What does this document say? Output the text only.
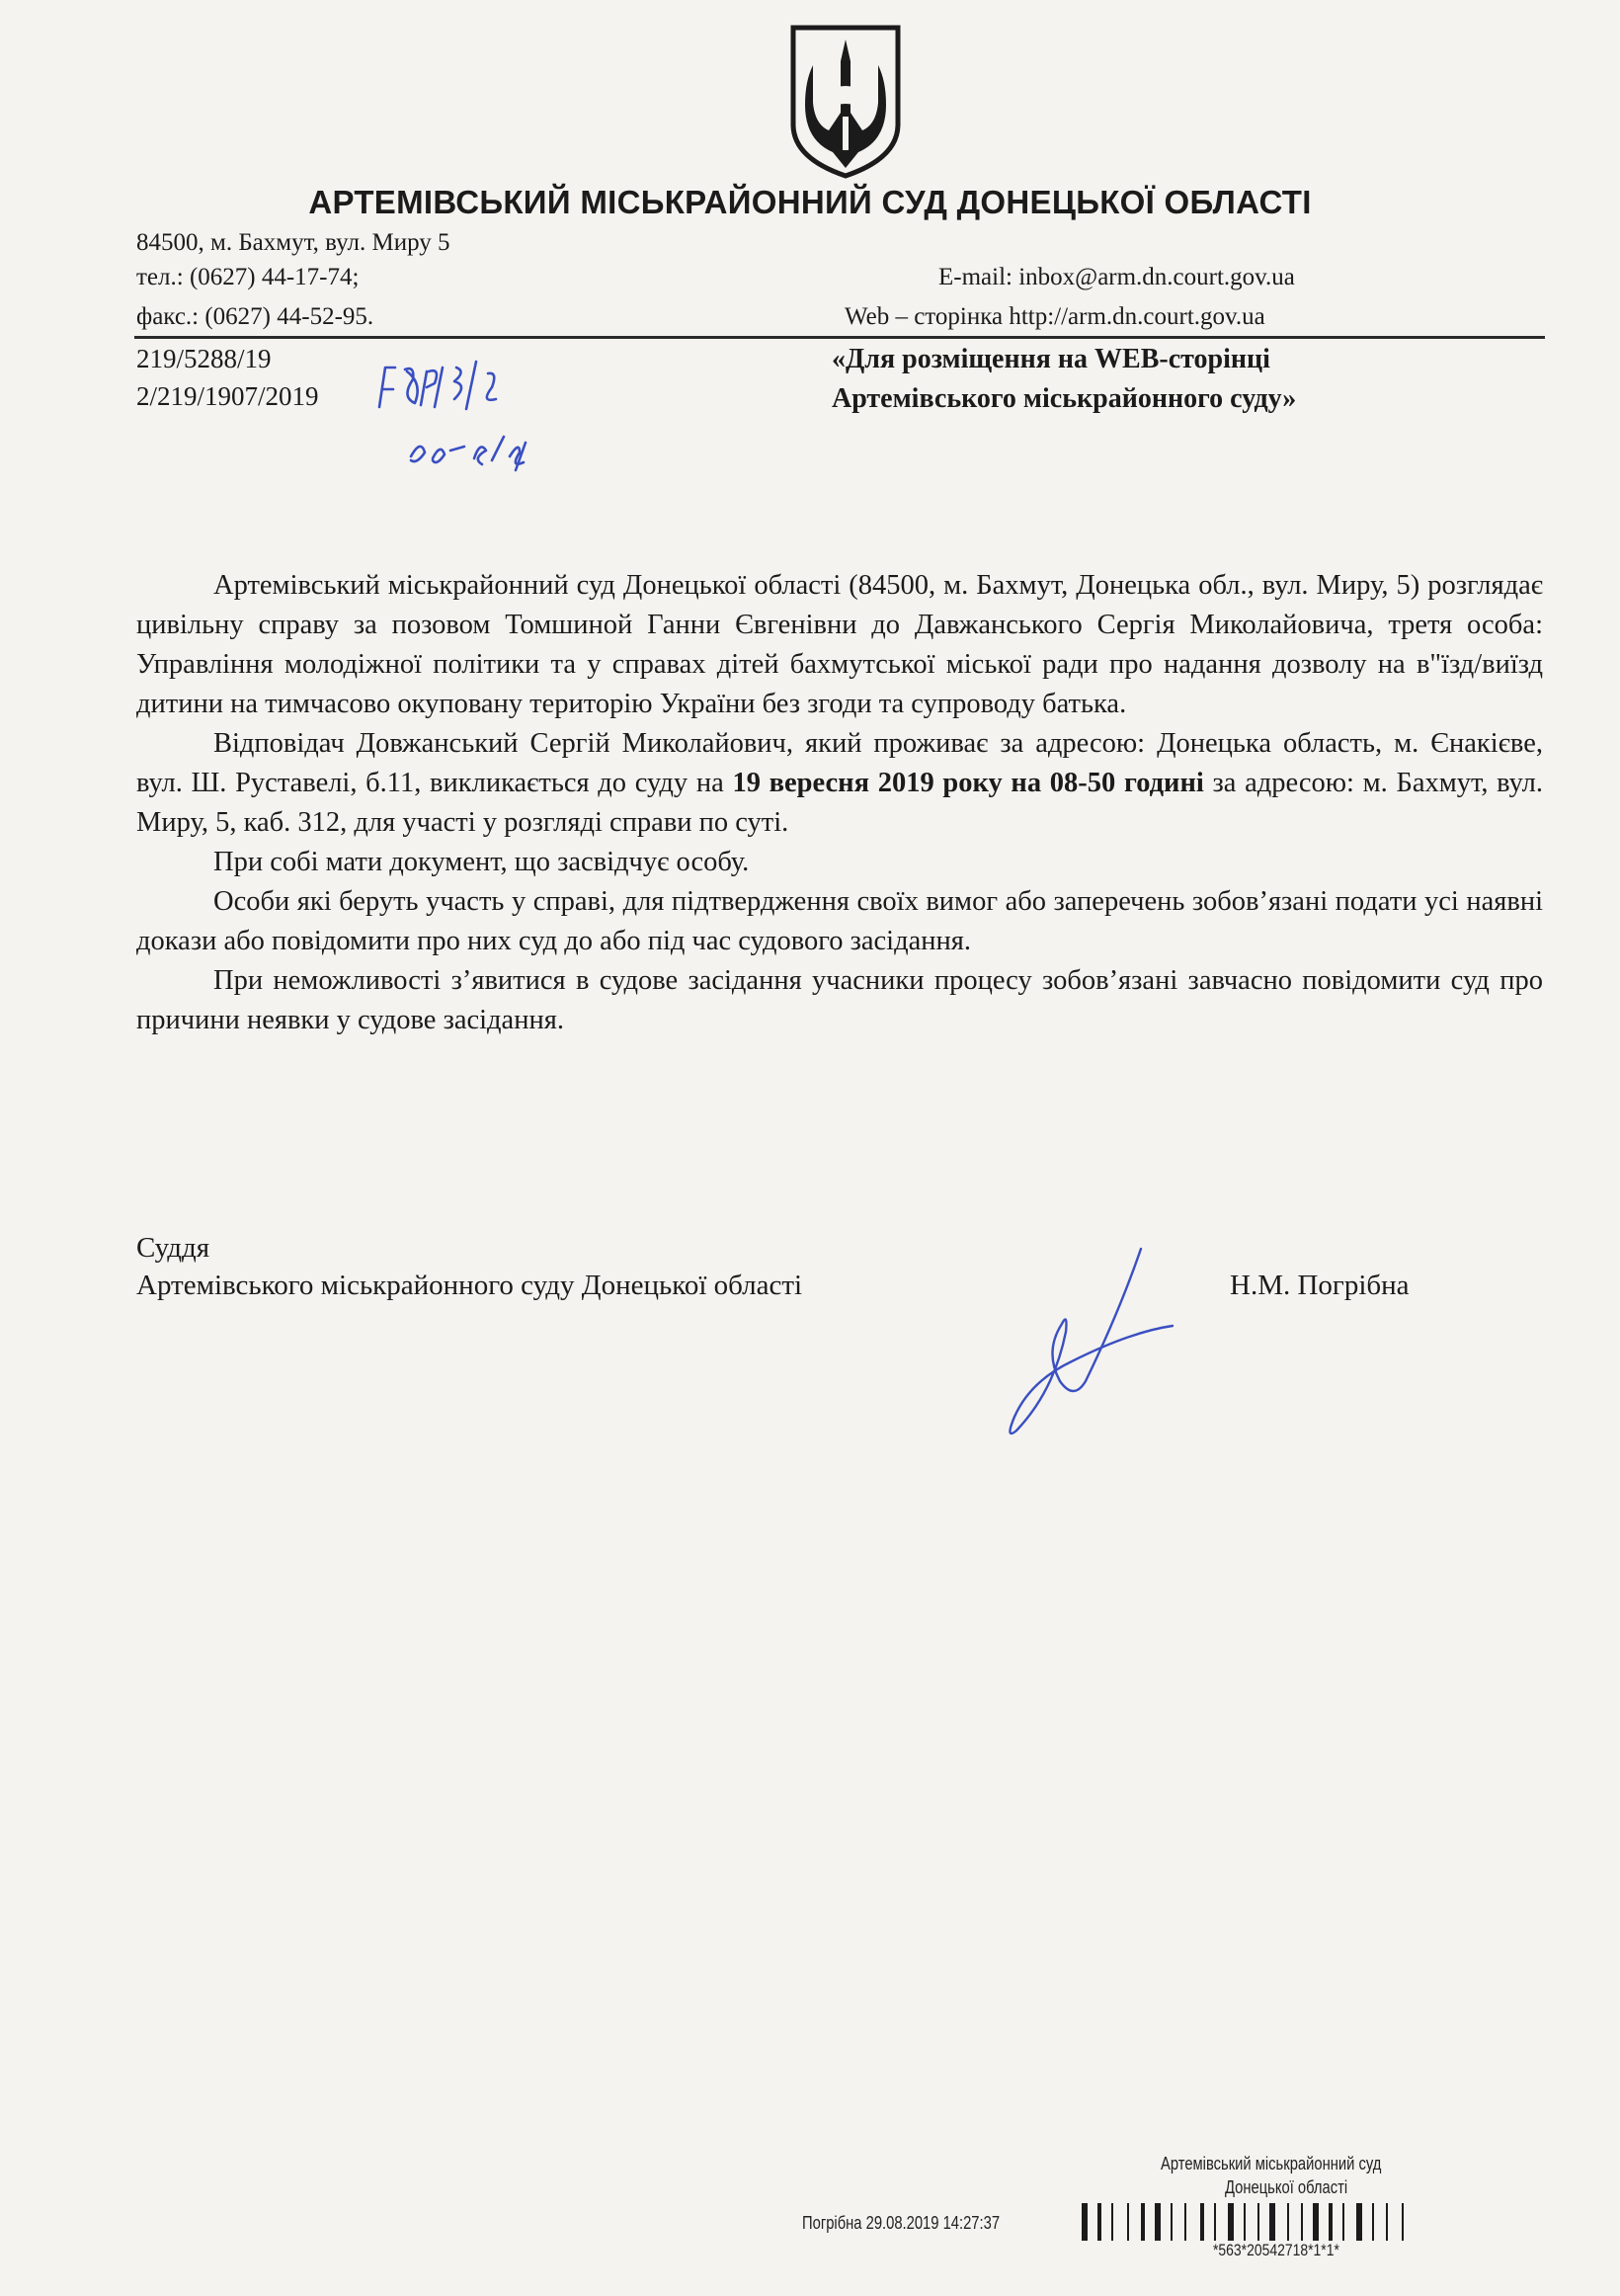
АРТЕМІВСЬКИЙ МІСЬКРАЙОННИЙ СУД ДОНЕЦЬКОЇ ОБЛАСТІ
84500, м. Бахмут, вул. Миру 5
тел.: (0627) 44-17-74;
факс.: (0627) 44-52-95.
E-mail: inbox@arm.dn.court.gov.ua
Web – сторінка http://arm.dn.court.gov.ua
219/5288/19
2/219/1907/2019
«Для розміщення на WEB-сторінці
Артемівського міськрайонного суду»

Артемівський міськрайонний суд Донецької області (84500, м. Бахмут, Донецька обл., вул. Миру, 5) розглядає цивільну справу за позовом Томшиной Ганни Євгенівни до Давжанського Сергія Миколайовича, третя особа: Управління молодіжної політики та у справах дітей бахмутської міської ради про надання дозволу на в"їзд/виїзд дитини на тимчасово окуповану територію України без згоди та супроводу батька.

Відповідач Довжанський Сергій Миколайович, який проживає за адресою: Донецька область, м. Єнакієве, вул. Ш. Руставелі, б.11, викликається до суду на 19 вересня 2019 року на 08-50 годині за адресою: м. Бахмут, вул. Миру, 5, каб. 312, для участі у розгляді справи по суті.

При собі мати документ, що засвідчує особу.

Особи які беруть участь у справі, для підтвердження своїх вимог або заперечень зобов’язані подати усі наявні докази або повідомити про них суд до або під час судового засідання.

При неможливості з’явитися в судове засідання учасники процесу зобов’язані завчасно повідомити суд про причини неявки у судове засідання.

Суддя
Артемівського міськрайонного суду Донецької області	Н.М. Погрібна
Артемівський міськрайонний суд
Донецької області
Погрібна 29.08.2019 14:27:37
*563*20542718*1*1*
